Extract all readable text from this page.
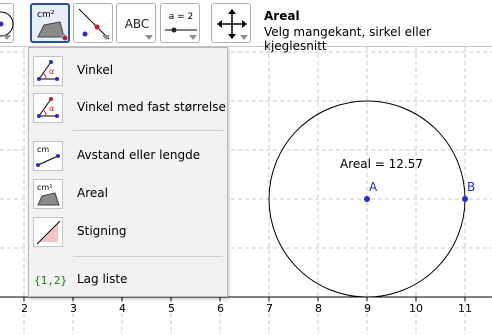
cm²
ABC	a = 2	Areal
Velg mangekant, sirkel eller kjeglesnitt
2	3	4	5	6	7	8	9	10	11
Areal = 12.57
A	B
α Vinkel
α Vinkel med fast størrelse
cm Avstand eller lengde
cm² Areal
Stigning
{1,2} Lag liste
